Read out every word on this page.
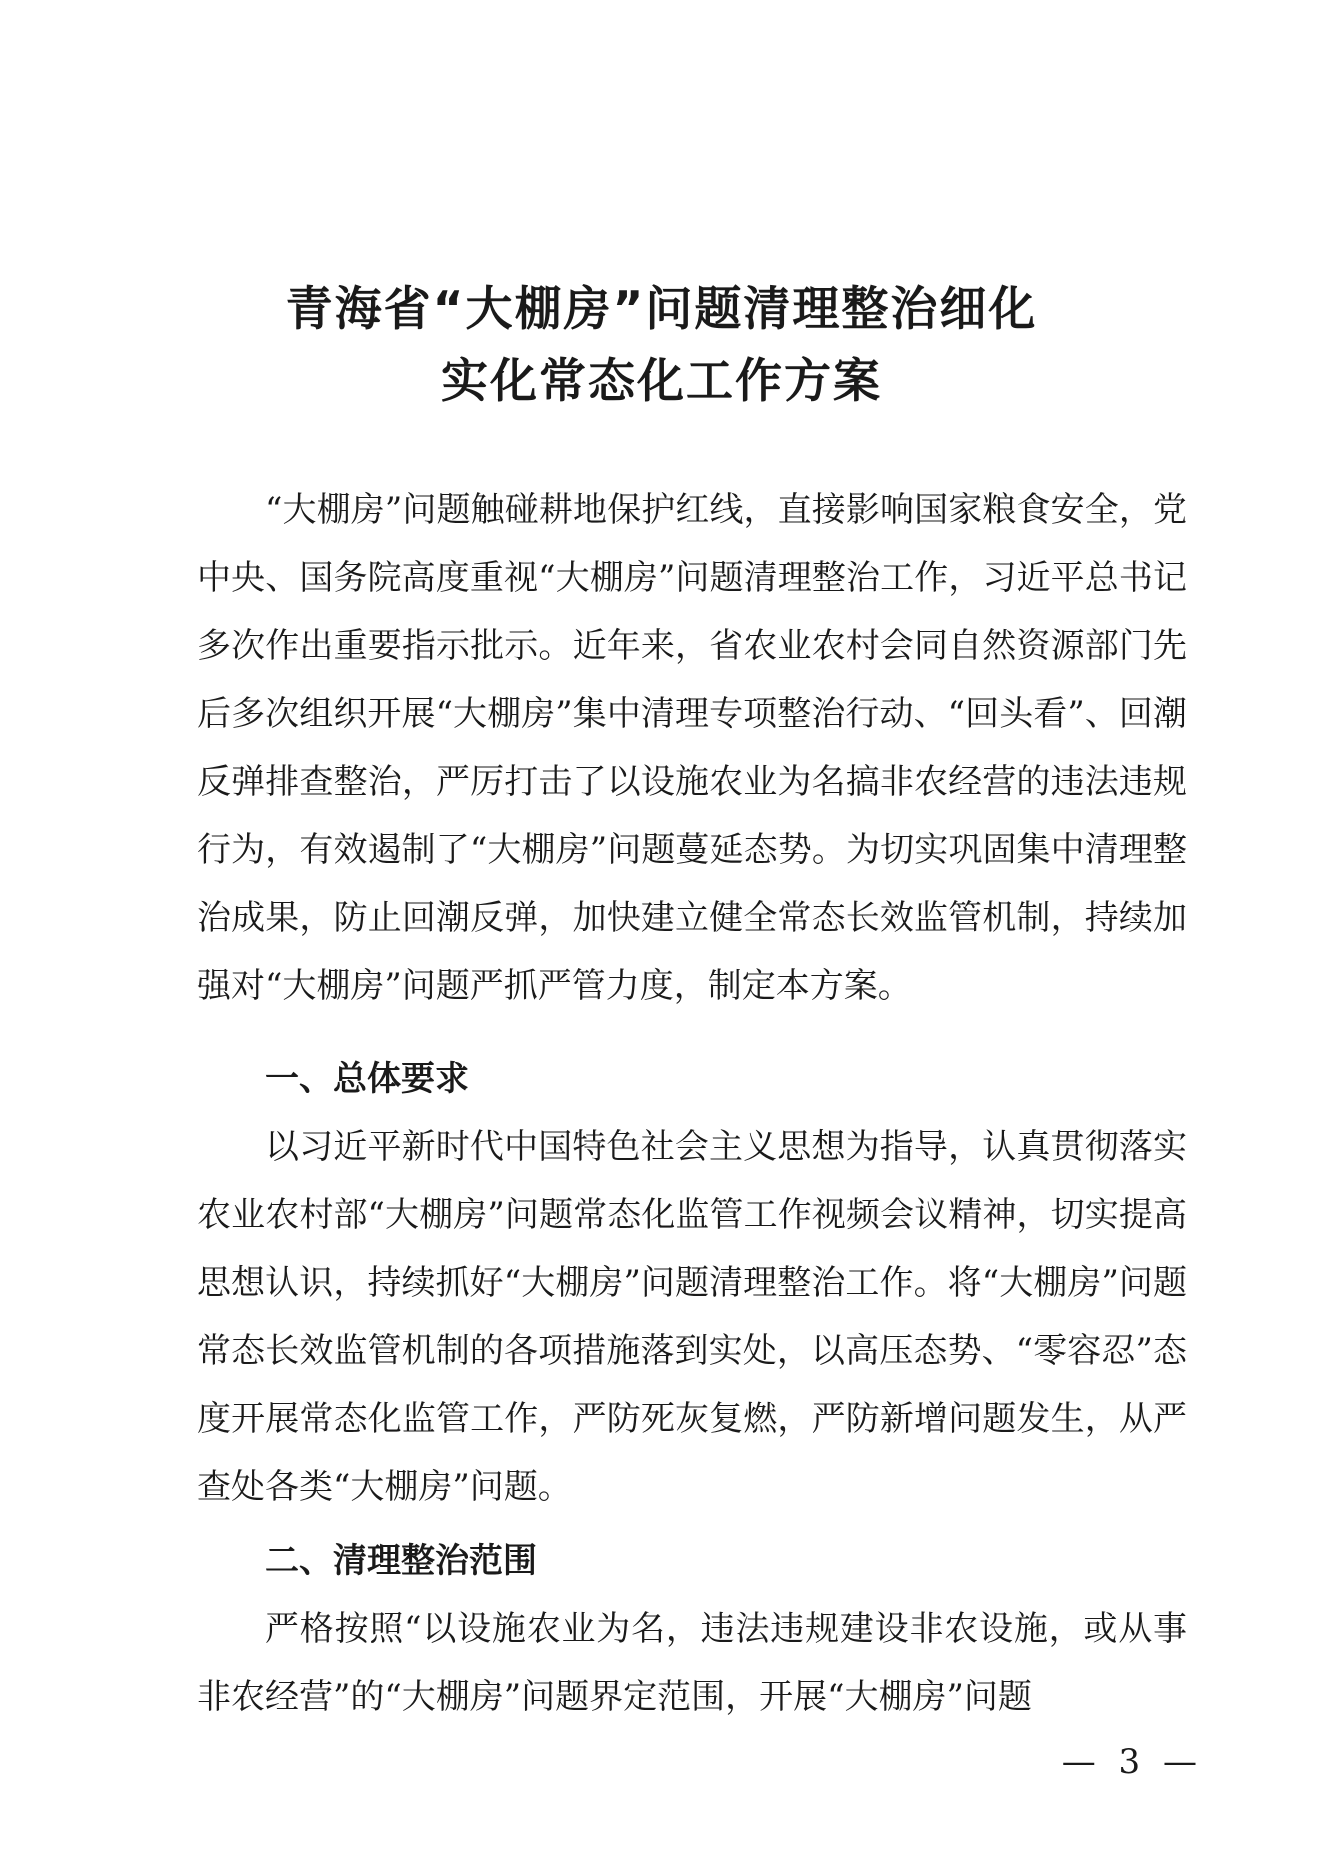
青海省“大棚房”问题清理整治细化
实化常态化工作方案

“大棚房”问题触碰耕地保护红线，直接影响国家粮食安全，党中央、国务院高度重视“大棚房”问题清理整治工作，习近平总书记多次作出重要指示批示。近年来，省农业农村会同自然资源部门先后多次组织开展“大棚房”集中清理专项整治行动、“回头看”、回潮反弹排查整治，严厉打击了以设施农业为名搞非农经营的违法违规行为，有效遏制了“大棚房”问题蔓延态势。为切实巩固集中清理整治成果，防止回潮反弹，加快建立健全常态长效监管机制，持续加强对“大棚房”问题严抓严管力度，制定本方案。

一、总体要求

以习近平新时代中国特色社会主义思想为指导，认真贯彻落实农业农村部“大棚房”问题常态化监管工作视频会议精神，切实提高思想认识，持续抓好“大棚房”问题清理整治工作。将“大棚房”问题常态长效监管机制的各项措施落到实处，以高压态势、“零容忍”态度开展常态化监管工作，严防死灰复燃，严防新增问题发生，从严查处各类“大棚房”问题。

二、清理整治范围

严格按照“以设施农业为名，违法违规建设非农设施，或从事非农经营”的“大棚房”问题界定范围，开展“大棚房”问题

— 3 —
